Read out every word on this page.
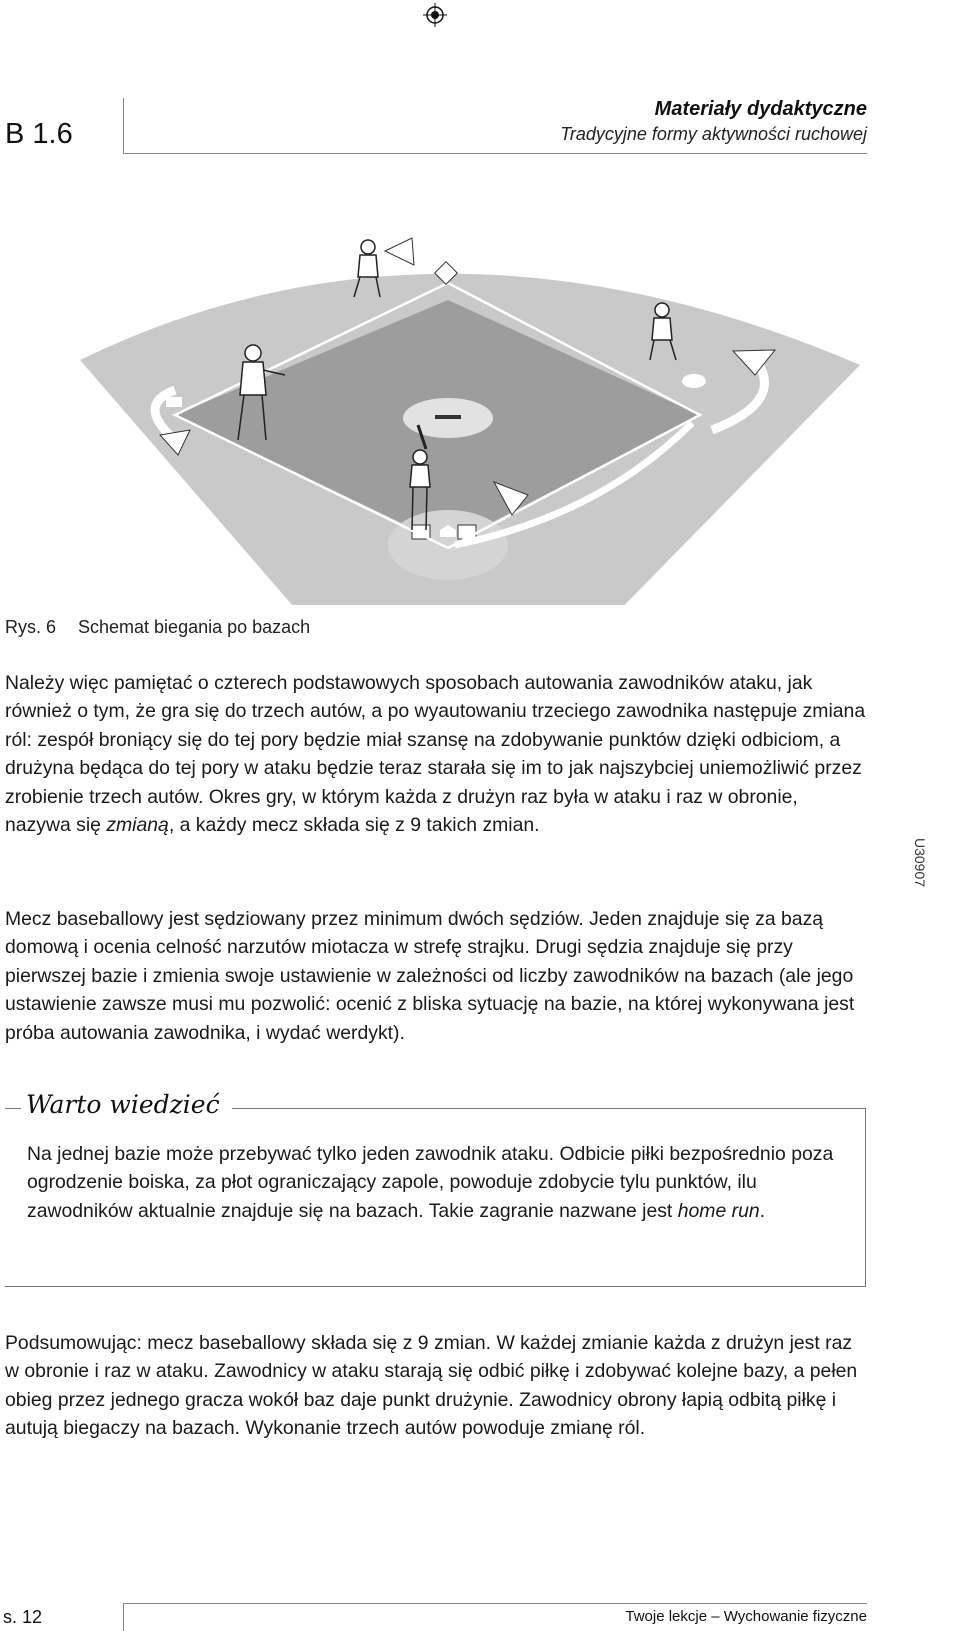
B 1.6
Materiały dydaktyczne
Tradycyjne formy aktywności ruchowej
Rys. 6 Schemat biegania po bazach

Należy więc pamiętać o czterech podstawowych sposobach autowania zawodników ataku, jak również o tym, że gra się do trzech autów, a po wyautowaniu trzeciego zawodnika następuje zmiana ról: zespół broniący się do tej pory będzie miał szansę na zdobywanie punktów dzięki odbiciom, a drużyna będąca do tej pory w ataku będzie teraz starała się im to jak najszybciej uniemożliwić przez zrobienie trzech autów. Okres gry, w którym każda z drużyn raz była w ataku i raz w obronie, nazywa się zmianą, a każdy mecz składa się z 9 takich zmian.

U30907

Mecz baseballowy jest sędziowany przez minimum dwóch sędziów. Jeden znajduje się za bazą domową i ocenia celność narzutów miotacza w strefę strajku. Drugi sędzia znajduje się przy pierwszej bazie i zmienia swoje ustawienie w zależności od liczby zawodników na bazach (ale jego ustawienie zawsze musi mu pozwolić: ocenić z bliska sytuację na bazie, na której wykonywana jest próba autowania zawodnika, i wydać werdykt).

Warto wiedzieć

Na jednej bazie może przebywać tylko jeden zawodnik ataku. Odbicie piłki bezpośrednio poza ogrodzenie boiska, za płot ograniczający zapole, powoduje zdobycie tylu punktów, ilu zawodników aktualnie znajduje się na bazach. Takie zagranie nazwane jest home run.

Podsumowując: mecz baseballowy składa się z 9 zmian. W każdej zmianie każda z drużyn jest raz w obronie i raz w ataku. Zawodnicy w ataku starają się odbić piłkę i zdobywać kolejne bazy, a pełen obieg przez jednego gracza wokół baz daje punkt drużynie. Zawodnicy obrony łapią odbitą piłkę i autują biegaczy na bazach. Wykonanie trzech autów powoduje zmianę ról.

s. 12	Twoje lekcje – Wychowanie fizyczne
